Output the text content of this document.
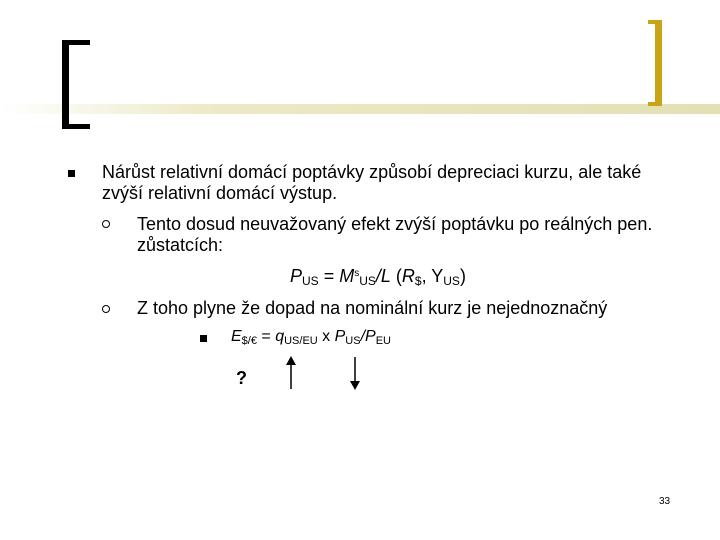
Nárůst relativní domácí poptávky způsobí depreciaci kurzu, ale také zvýší relativní domácí výstup.
Tento dosud neuvažovaný efekt zvýší poptávku po reálných pen. zůstatcích:
$P_{US} = M^s_{US}/L$ ($R_{\$}$, $Y_{US}$)
Z toho plyne že dopad na nominální kurz je nejednoznačný
$E_{\$/€} = q_{US/EU}$ x $P_{US}/P_{EU}$
?
33
